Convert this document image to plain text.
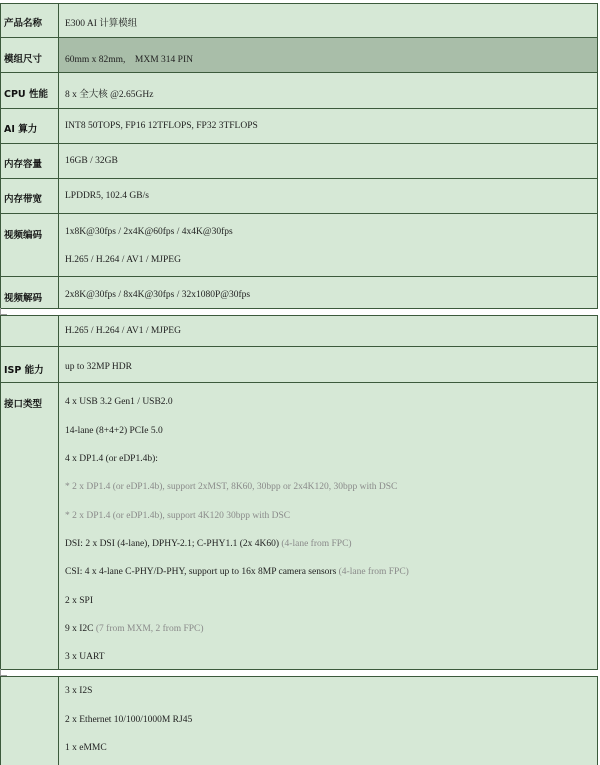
产品名称 E300 AI 计算模组
模组尺寸 60mm x 82mm,　MXM 314 PIN
CPU 性能 8 x 全大核 @2.65GHz
AI 算力	INT8 50TOPS, FP16 12TFLOPS, FP32 3TFLOPS
内存容量 16GB / 32GB
内存带宽 LPDDR5, 102.4 GB/s
视频编码 1x8K@30fps / 2x4K@60fps / 4x4K@30fps
H.265 / H.264 / AV1 / MJPEG
视频解码 2x8K@30fps / 8x4K@30fps / 32x1080P@30fps
H.265 / H.264 / AV1 / MJPEG
ISP 能力 up to 32MP HDR
接口类型 4 x USB 3.2 Gen1 / USB2.0
14-lane (8+4+2) PCIe 5.0
4 x DP1.4 (or eDP1.4b):
* 2 x DP1.4 (or eDP1.4b), support 2xMST, 8K60, 30bpp or 2x4K120, 30bpp with DSC
* 2 x DP1.4 (or eDP1.4b), support 4K120 30bpp with DSC
DSI: 2 x DSI (4-lane), DPHY-2.1; C-PHY1.1 (2x 4K60) (4-lane from FPC)
CSI: 4 x 4-lane C-PHY/D-PHY, support up to 16x 8MP camera sensors (4-lane from FPC)
2 x SPI
9 x I2C (7 from MXM, 2 from FPC)
3 x UART
3 x I2S
2 x Ethernet 10/100/1000M RJ45
1 x eMMC
